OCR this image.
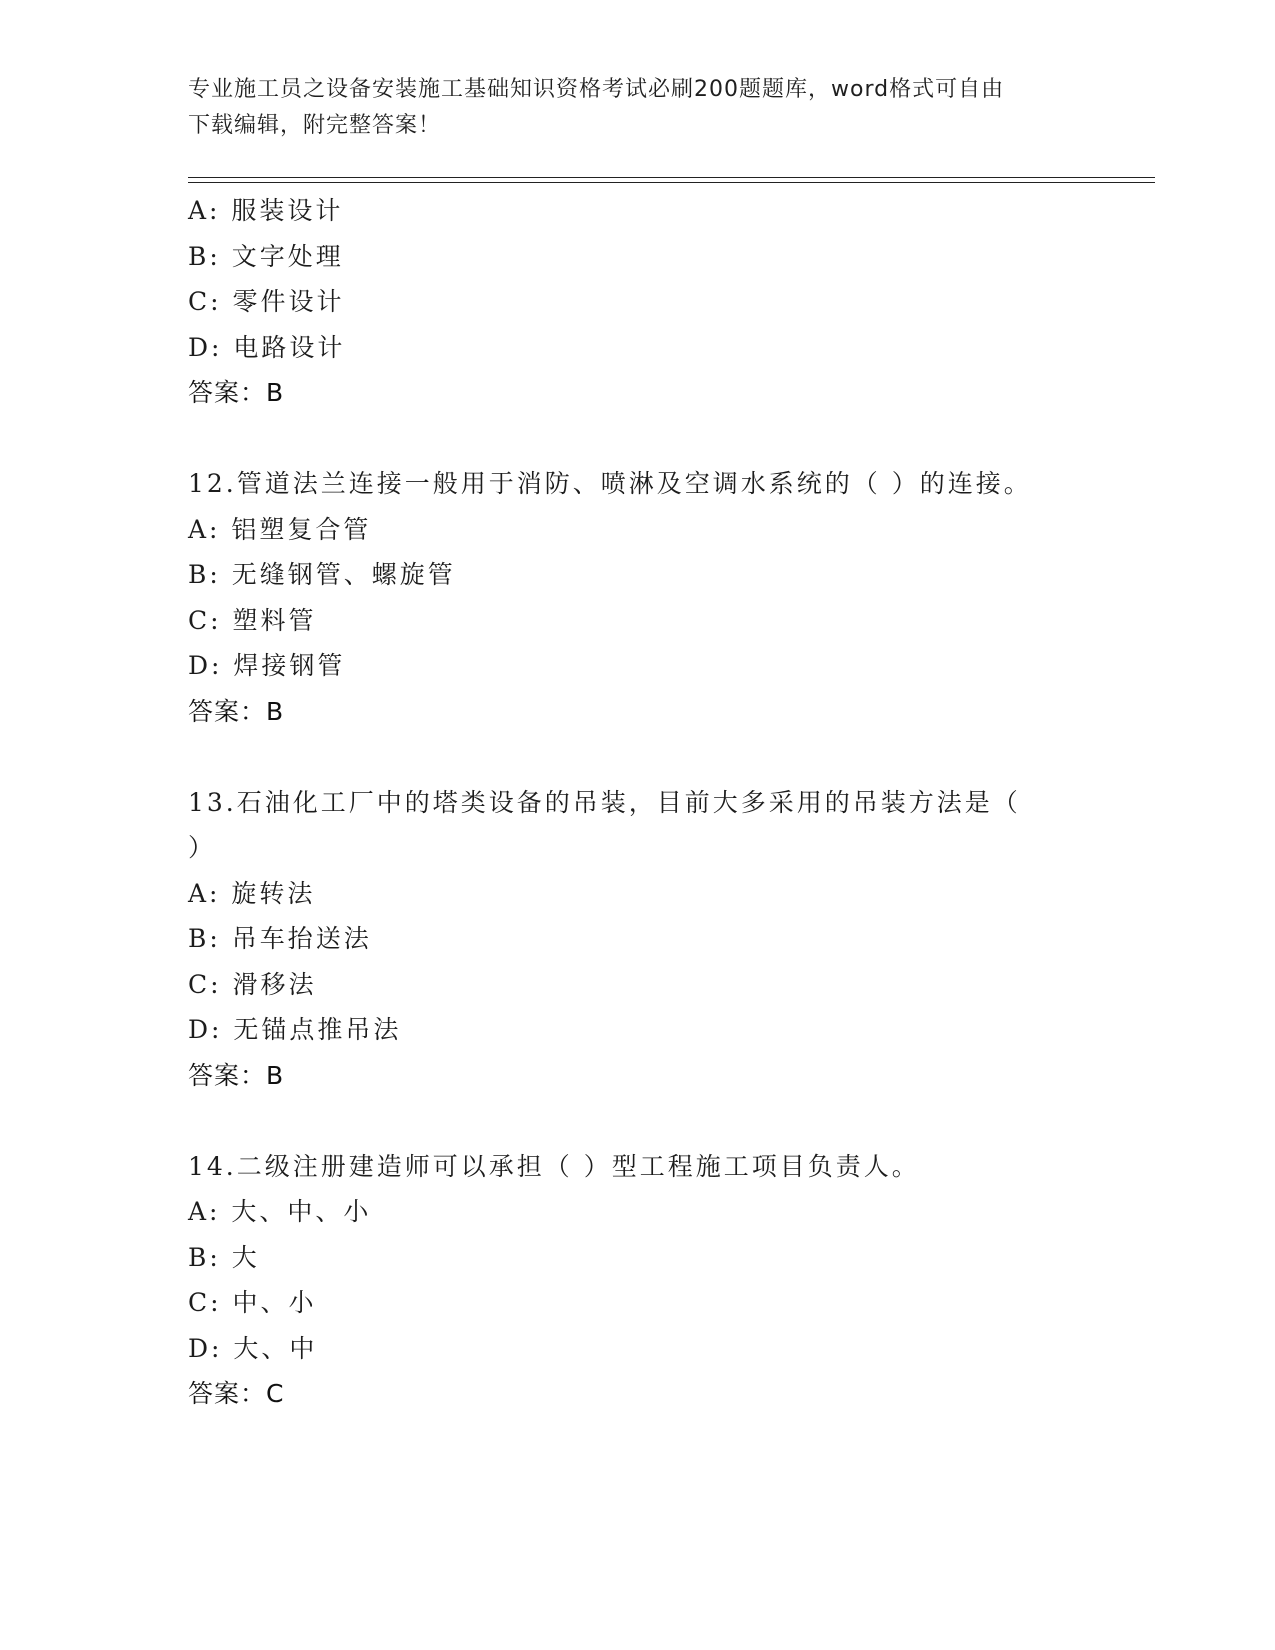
专业施工员之设备安装施工基础知识资格考试必刷200题题库，word格式可自由
下载编辑，附完整答案！
A: 服装设计
B: 文字处理
C: 零件设计
D: 电路设计
答案：B
12.管道法兰连接一般用于消防、喷淋及空调水系统的（ ）的连接。
A: 铝塑复合管
B: 无缝钢管、螺旋管
C: 塑料管
D: 焊接钢管
答案：B
13.石油化工厂中的塔类设备的吊装，目前大多采用的吊装方法是（
）
A: 旋转法
B: 吊车抬送法
C: 滑移法
D: 无锚点推吊法
答案：B
14.二级注册建造师可以承担（ ）型工程施工项目负责人。
A: 大、中、小
B: 大
C: 中、小
D: 大、中
答案：C
